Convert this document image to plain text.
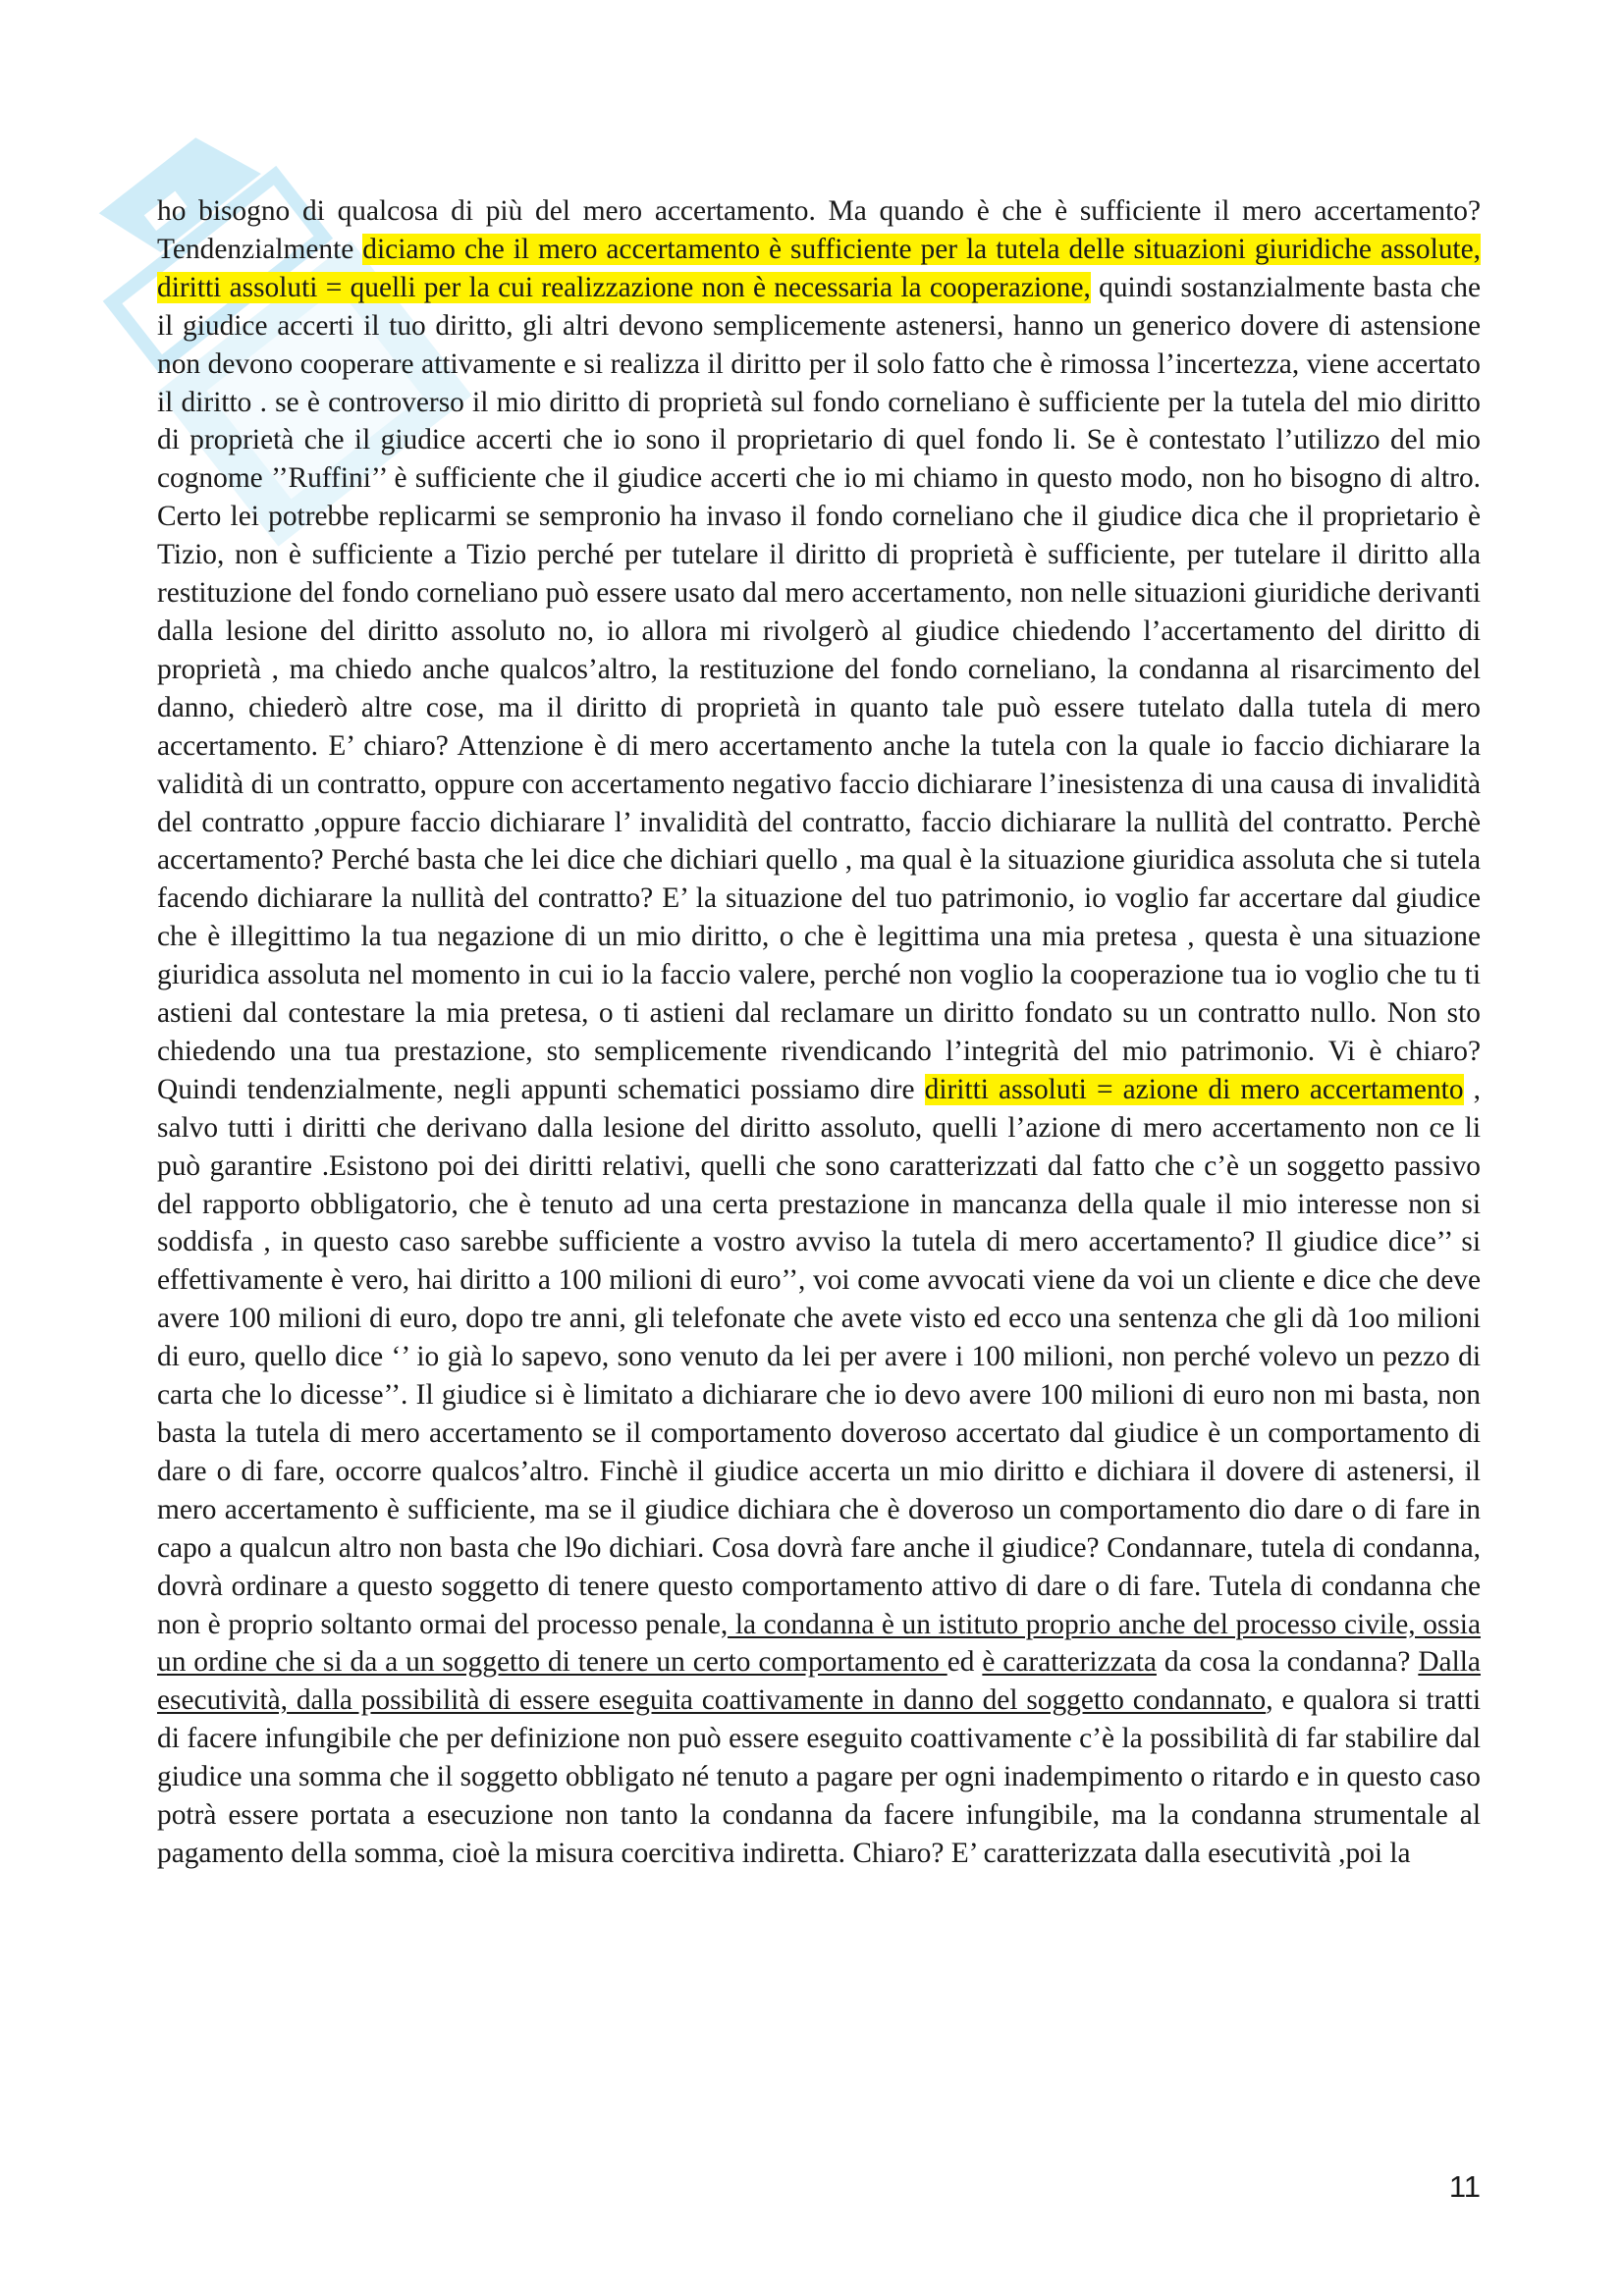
ho bisogno di qualcosa di più del mero accertamento. Ma quando è che è sufficiente il mero accertamento? Tendenzialmente diciamo che il mero accertamento è sufficiente per la tutela delle situazioni giuridiche assolute, diritti assoluti = quelli per la cui realizzazione non è necessaria la cooperazione, quindi sostanzialmente basta che il giudice accerti il tuo diritto, gli altri devono semplicemente astenersi, hanno un generico dovere di astensione non devono cooperare attivamente e si realizza il diritto per il solo fatto che è rimossa l’incertezza, viene accertato il diritto . se è controverso il mio diritto di proprietà sul fondo corneliano è sufficiente per la tutela del mio diritto di proprietà che il giudice accerti che io sono il proprietario di quel fondo li. Se è contestato l’utilizzo del mio cognome ’’Ruffini’’ è sufficiente che il giudice accerti che io mi chiamo in questo modo, non ho bisogno di altro. Certo lei potrebbe replicarmi se sempronio ha invaso il fondo corneliano che il giudice dica che il proprietario è Tizio, non è sufficiente a Tizio perché per tutelare il diritto di proprietà è sufficiente, per tutelare il diritto alla restituzione del fondo corneliano può essere usato dal mero accertamento, non nelle situazioni giuridiche derivanti dalla lesione del diritto assoluto no, io allora mi rivolgerò al giudice chiedendo l’accertamento del diritto di proprietà , ma chiedo anche qualcos’altro, la restituzione del fondo corneliano, la condanna al risarcimento del danno, chiederò altre cose, ma il diritto di proprietà in quanto tale può essere tutelato dalla tutela di mero accertamento. E’ chiaro? Attenzione è di mero accertamento anche la tutela con la quale io faccio dichiarare la validità di un contratto, oppure con accertamento negativo faccio dichiarare l’inesistenza di una causa di invalidità del contratto ,oppure faccio dichiarare l’ invalidità del contratto, faccio dichiarare la nullità del contratto. Perchè accertamento? Perché basta che lei dice che dichiari quello , ma qual è la situazione giuridica assoluta che si tutela facendo dichiarare la nullità del contratto? E’ la situazione del tuo patrimonio, io voglio far accertare dal giudice che è illegittimo la tua negazione di un mio diritto, o che è legittima una mia pretesa , questa è una situazione giuridica assoluta nel momento in cui io la faccio valere, perché non voglio la cooperazione tua io voglio che tu ti astieni dal contestare la mia pretesa, o ti astieni dal reclamare un diritto fondato su un contratto nullo. Non sto chiedendo una tua prestazione, sto semplicemente rivendicando l’integrità del mio patrimonio. Vi è chiaro? Quindi tendenzialmente, negli appunti schematici possiamo dire diritti assoluti = azione di mero accertamento , salvo tutti i diritti che derivano dalla lesione del diritto assoluto, quelli l’azione di mero accertamento non ce li può garantire .Esistono poi dei diritti relativi, quelli che sono caratterizzati dal fatto che c’è un soggetto passivo del rapporto obbligatorio, che è tenuto ad una certa prestazione in mancanza della quale il mio interesse non si soddisfa , in questo caso sarebbe sufficiente a vostro avviso la tutela di mero accertamento? Il giudice dice’’ si effettivamente è vero, hai diritto a 100 milioni di euro’’, voi come avvocati viene da voi un cliente e dice che deve avere 100 milioni di euro, dopo tre anni, gli telefonate che avete visto ed ecco una sentenza che gli dà 1oo milioni di euro, quello dice ‘’ io già lo sapevo, sono venuto da lei per avere i 100 milioni, non perché volevo un pezzo di carta che lo dicesse’’. Il giudice si è limitato a dichiarare che io devo avere 100 milioni di euro non mi basta, non basta la tutela di mero accertamento se il comportamento doveroso accertato dal giudice è un comportamento di dare o di fare, occorre qualcos’altro. Finchè il giudice accerta un mio diritto e dichiara il dovere di astenersi, il mero accertamento è sufficiente, ma se il giudice dichiara che è doveroso un comportamento dio dare o di fare in capo a qualcun altro non basta che l9o dichiari. Cosa dovrà fare anche il giudice? Condannare, tutela di condanna, dovrà ordinare a questo soggetto di tenere questo comportamento attivo di dare o di fare. Tutela di condanna che non è proprio soltanto ormai del processo penale, la condanna è un istituto proprio anche del processo civile, ossia un ordine che si da a un soggetto di tenere un certo comportamento ed è caratterizzata da cosa la condanna? Dalla esecutività, dalla possibilità di essere eseguita coattivamente in danno del soggetto condannato, e qualora si tratti di facere infungibile che per definizione non può essere eseguito coattivamente c’è la possibilità di far stabilire dal giudice una somma che il soggetto obbligato né tenuto a pagare per ogni inadempimento o ritardo e in questo caso potrà essere portata a esecuzione non tanto la condanna da facere infungibile, ma la condanna strumentale al pagamento della somma, cioè la misura coercitiva indiretta. Chiaro? E’ caratterizzata dalla esecutività ,poi la

11
